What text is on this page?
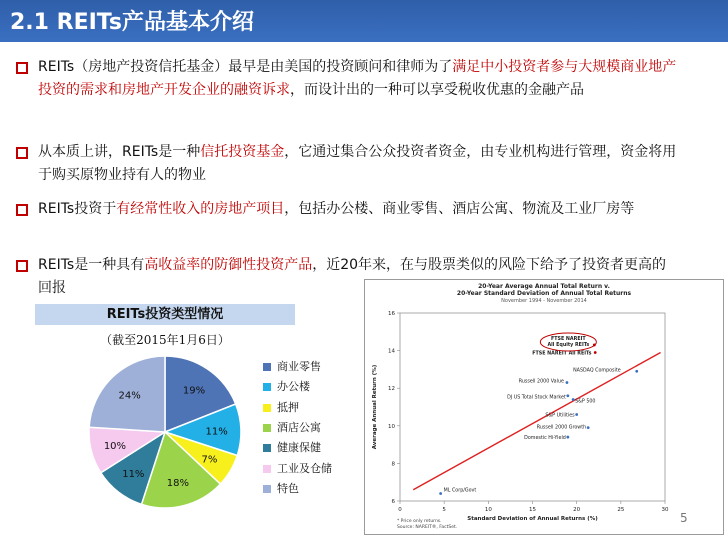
2.1 REITs产品基本介绍
REITs（房地产投资信托基金）最早是由美国的投资顾问和律师为了满足中小投资者参与大规模商业地产投资的需求和房地产开发企业的融资诉求，而设计出的一种可以享受税收优惠的金融产品
从本质上讲，REITs是一种信托投资基金，它通过集合公众投资者资金，由专业机构进行管理，资金将用于购买原物业持有人的物业
REITs投资于有经常性收入的房地产项目，包括办公楼、商业零售、酒店公寓、物流及工业厂房等
REITs是一种具有高收益率的防御性投资产品，近20年来，在与股票类似的风险下给予了投资者更高的回报
REITs投资类型情况
（截至2015年1月6日）
19%
11%
7%
18%
11%
10%
24%
商业零售
办公楼
抵押
酒店公寓
健康保健
工业及仓储
特色
20-Year Average Annual Total Return v.
20-Year Standard Deviation of Annual Total Returns
November 1994 - November 2014
0	5	10	15	20	25	30
6
8
10
12
14
16
Standard Deviation of Annual Returns (%)
Average Annual Return (%)
FTSE NAREIT All REITs
NASDAQ Composite
Russell 2000 Value
DJ US Total Stock Market
S&P 500
S&P Utilities
Russell 2000 Growth
Domestic Hi-Yield
ML Corp/Govt
FTSE NAREIT
All Equity REITs
* Price only returns.
Source: NAREIT®, FactSet.
5
